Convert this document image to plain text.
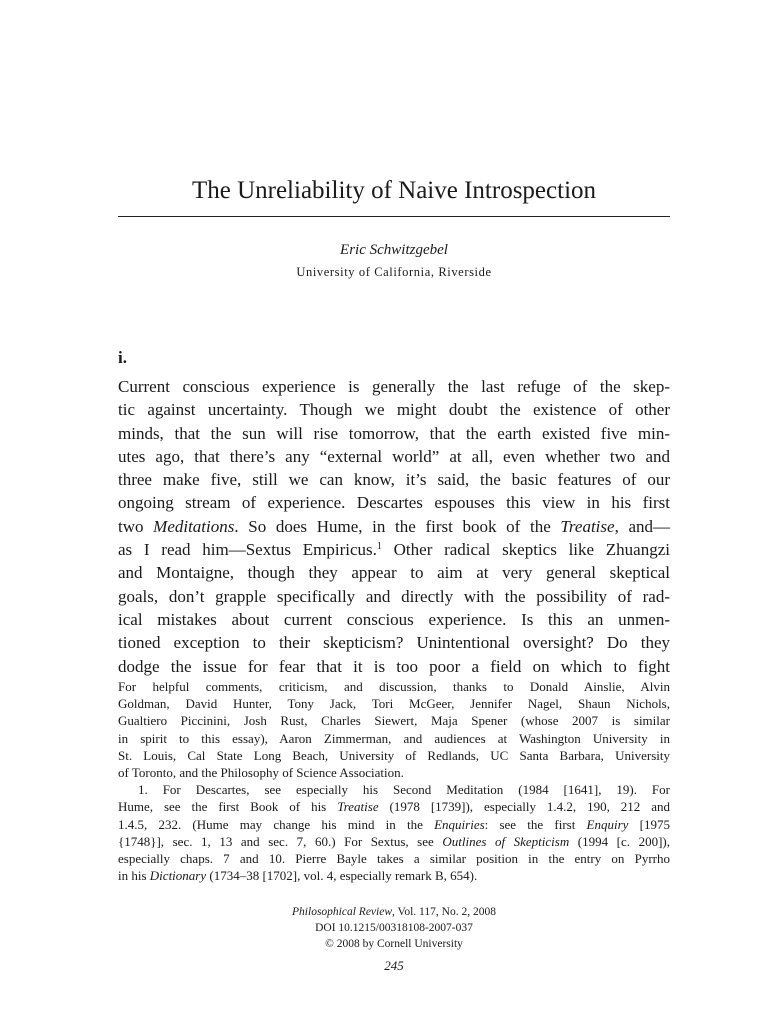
The Unreliability of Naive Introspection
Eric Schwitzgebel
University of California, Riverside
i.
Current conscious experience is generally the last refuge of the skep-
tic against uncertainty. Though we might doubt the existence of other
minds, that the sun will rise tomorrow, that the earth existed five min-
utes ago, that there’s any “external world” at all, even whether two and
three make five, still we can know, it’s said, the basic features of our
ongoing stream of experience. Descartes espouses this view in his first
two Meditations. So does Hume, in the first book of the Treatise, and—
as I read him—Sextus Empiricus.$^1$ Other radical skeptics like Zhuangzi
and Montaigne, though they appear to aim at very general skeptical
goals, don’t grapple specifically and directly with the possibility of rad-
ical mistakes about current conscious experience. Is this an unmen-
tioned exception to their skepticism? Unintentional oversight? Do they
dodge the issue for fear that it is too poor a field on which to fight
For helpful comments, criticism, and discussion, thanks to Donald Ainslie, Alvin
Goldman, David Hunter, Tony Jack, Tori McGeer, Jennifer Nagel, Shaun Nichols,
Gualtiero Piccinini, Josh Rust, Charles Siewert, Maja Spener (whose 2007 is similar
in spirit to this essay), Aaron Zimmerman, and audiences at Washington University in
St. Louis, Cal State Long Beach, University of Redlands, UC Santa Barbara, University
of Toronto, and the Philosophy of Science Association.
1. For Descartes, see especially his Second Meditation (1984 [1641], 19). For
Hume, see the first Book of his Treatise (1978 [1739]), especially 1.4.2, 190, 212 and
1.4.5, 232. (Hume may change his mind in the Enquiries: see the first Enquiry [1975
{1748}], sec. 1, 13 and sec. 7, 60.) For Sextus, see Outlines of Skepticism (1994 [c. 200]),
especially chaps. 7 and 10. Pierre Bayle takes a similar position in the entry on Pyrrho
in his Dictionary (1734–38 [1702], vol. 4, especially remark B, 654).
Philosophical Review, Vol. 117, No. 2, 2008
DOI 10.1215/00318108-2007-037
© 2008 by Cornell University
245
